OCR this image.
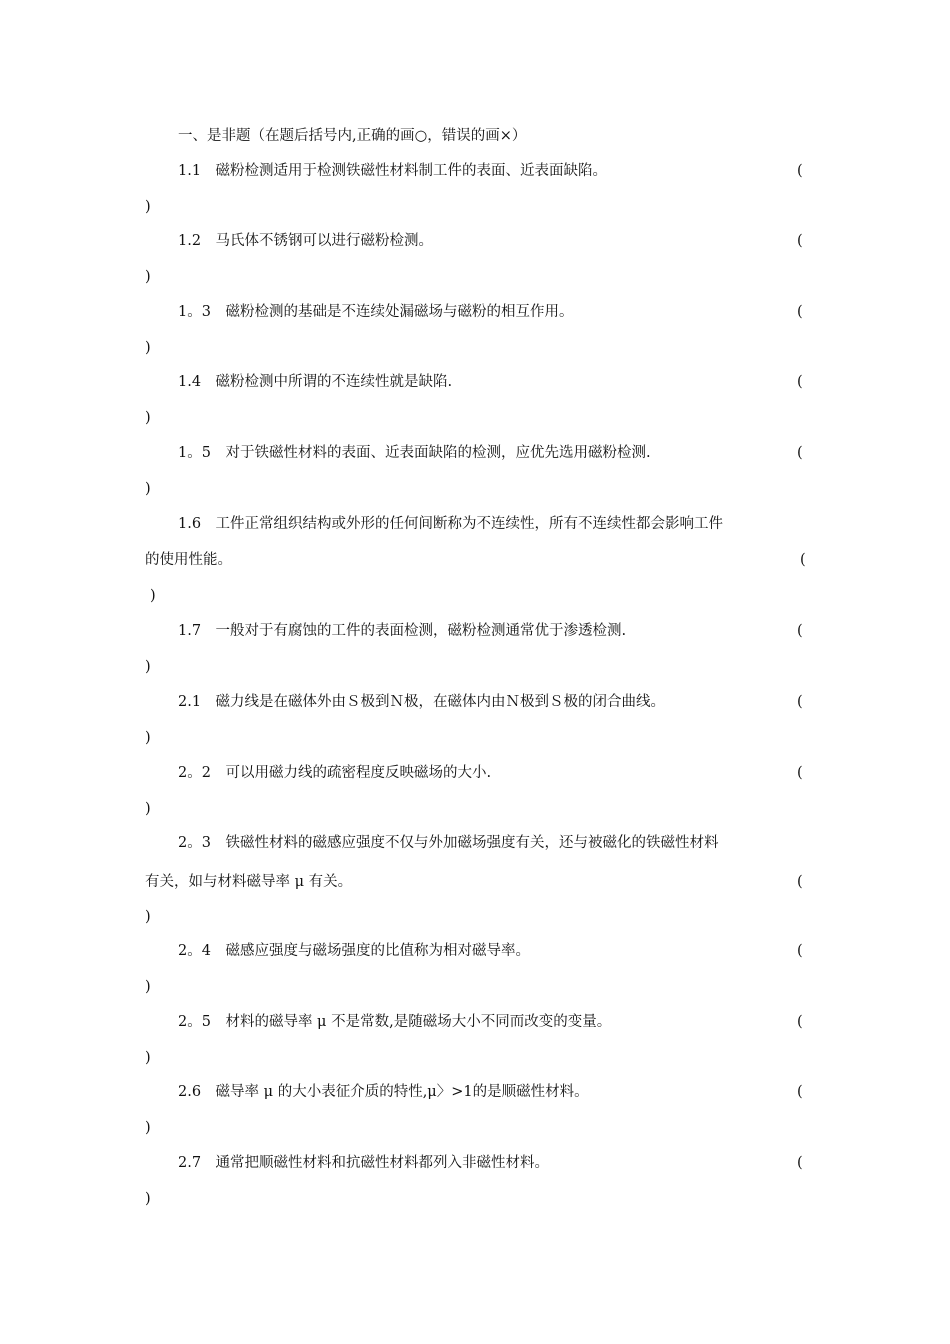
一、是非题（在题后括号内,正确的画○，错误的画×）
1.1　磁粉检测适用于检测铁磁性材料制工件的表面、近表面缺陷。	(
)
1.2　马氏体不锈钢可以进行磁粉检测。	(
)
1。3　磁粉检测的基础是不连续处漏磁场与磁粉的相互作用。	(
)
1.4　磁粉检测中所谓的不连续性就是缺陷.	(
)
1。5　对于铁磁性材料的表面、近表面缺陷的检测，应优先选用磁粉检测.	(
)
1.6　工件正常组织结构或外形的任何间断称为不连续性，所有不连续性都会影响工件
的使用性能。	(
)
1.7　一般对于有腐蚀的工件的表面检测，磁粉检测通常优于渗透检测.	(
)
2.1　磁力线是在磁体外由Ｓ极到Ｎ极，在磁体内由Ｎ极到Ｓ极的闭合曲线。	(
)
2。2　可以用磁力线的疏密程度反映磁场的大小.	(
)
2。3　铁磁性材料的磁感应强度不仅与外加磁场强度有关，还与被磁化的铁磁性材料
有关，如与材料磁导率 μ 有关。	(
)
2。4　磁感应强度与磁场强度的比值称为相对磁导率。	(
)
2。5　材料的磁导率 μ 不是常数,是随磁场大小不同而改变的变量。	(
)
2.6　磁导率 μ 的大小表征介质的特性,μ〉>1的是顺磁性材料。	(
)
2.7　通常把顺磁性材料和抗磁性材料都列入非磁性材料。	(
)
